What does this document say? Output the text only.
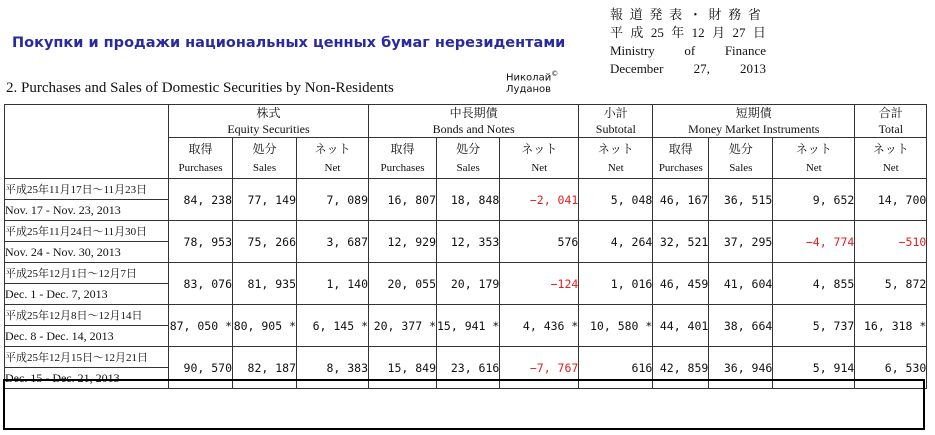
Покупки и продажи национальных ценных бумаг нерезидентами
報 道 発 表 ・ 財 務 省
平 成 25 年 12 月 27 日
Ministry of Finance
December 27, 2013
2. Purchases and Sales of Domestic Securities by Non-Residents
Николай©
Луданов
	株式			中長期債			小計	短期債			合計
	Equity Securities			Bonds and Notes			Subtotal	Money Market Instruments			Total
	取得	処分	ネット	取得	処分	ネット	ネット	取得	処分	ネット	ネット
	Purchases	Sales	Net	Purchases	Sales	Net	Net	Purchases	Sales	Net	Net
平成25年11月17日～11月23日	84, 238	77, 149	7, 089	16, 807	18, 848	−2, 041	5, 048	46, 167	36, 515	9, 652	14, 700
Nov. 17 - Nov. 23, 2013											
平成25年11月24日～11月30日	78, 953	75, 266	3, 687	12, 929	12, 353	576	4, 264	32, 521	37, 295	−4, 774	−510
Nov. 24 - Nov. 30, 2013											
平成25年12月1日～12月7日	83, 076	81, 935	1, 140	20, 055	20, 179	−124	1, 016	46, 459	41, 604	4, 855	5, 872
Dec. 1 - Dec. 7, 2013											
平成25年12月8日～12月14日	87, 050 *	80, 905 *	6, 145 *	20, 377 *	15, 941 *	4, 436 *	10, 580 *	44, 401	38, 664	5, 737	16, 318 *
Dec. 8 - Dec. 14, 2013											
平成25年12月15日～12月21日	90, 570	82, 187	8, 383	15, 849	23, 616	−7, 767	616	42, 859	36, 946	5, 914	6, 530
Dec. 15 - Dec. 21, 2013											
